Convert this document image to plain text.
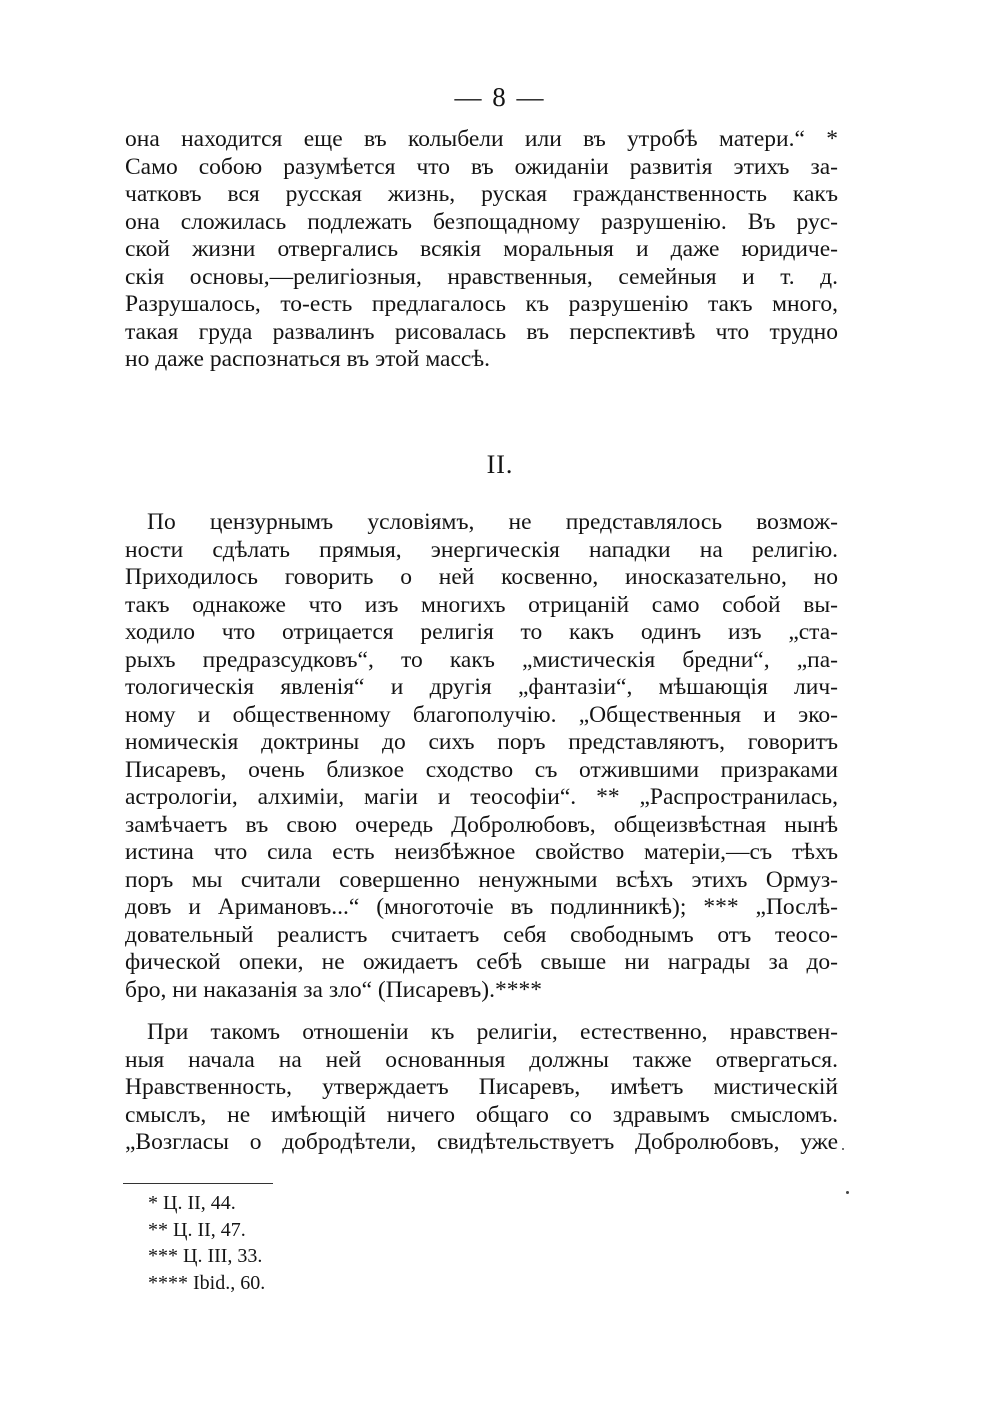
— 8 —
она находится еще въ колыбели или въ утробѣ матери.“ *
Само собою разумѣется что въ ожиданіи развитія этихъ за-
чатковъ вся русская жизнь, руская гражданственность какъ
она сложилась подлежать безпощадному разрушенію. Въ рус-
ской жизни отвергались всякія моральныя и даже юридиче-
скія основы,—религіозныя, нравственныя, семейныя и т. д.
Разрушалось, то-есть предлагалось къ разрушенію такъ много,
такая груда развалинъ рисовалась въ перспективѣ что трудно
но даже распознаться въ этой массѣ.
II.
По цензурнымъ условіямъ, не представлялось возмож-
ности сдѣлать прямыя, энергическія нападки на религію.
Приходилось говорить о ней косвенно, иносказательно, но
такъ однакоже что изъ многихъ отрицаній само собой вы-
ходило что отрицается религія то какъ одинъ изъ „ста-
рыхъ предразсудковъ“, то какъ „мистическія бредни“, „па-
тологическія явленія“ и другія „фантазіи“, мѣшающія лич-
ному и общественному благополучію. „Общественныя и эко-
номическія доктрины до сихъ поръ представляютъ, говоритъ
Писаревъ, очень близкое сходство съ отжившими призраками
астрологіи, алхиміи, магіи и теософіи“. ** „Распространилась,
замѣчаетъ въ свою очередь Добролюбовъ, общеизвѣстная нынѣ
истина что сила есть неизбѣжное свойство матеріи,—съ тѣхъ
поръ мы считали совершенно ненужными всѣхъ этихъ Ормуз-
довъ и Аримановъ...“ (многоточіе въ подлинникѣ); *** „Послѣ-
довательный реалистъ считаетъ себя свободнымъ отъ теосо-
фической опеки, не ожидаетъ себѣ свыше ни награды за до-
бро, ни наказанія за зло“ (Писаревъ).****
При такомъ отношеніи къ религіи, естественно, нравствен-
ныя начала на ней основанныя должны также отвергаться.
Нравственность, утверждаетъ Писаревъ, имѣетъ мистическій
смыслъ, не имѣющій ничего общаго со здравымъ смысломъ.
„Возгласы о добродѣтели, свидѣтельствуетъ Добролюбовъ, уже
* Ц. II, 44.
** Ц. II, 47.
*** Ц. III, 33.
**** Ibid., 60.
